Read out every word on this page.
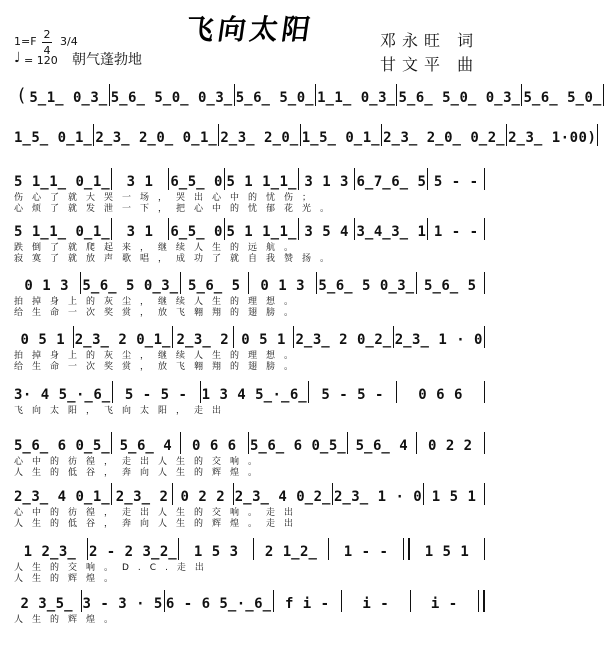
1=F
2
4
3/4
♩ = 120
飞向太阳
朝气蓬勃地
邓永旺 词
甘文平 曲
( 5̲1̲ 0̲3̲ 5̲6̲ 5̲0̲ 0̲3̲ 5̲6̲ 5̲0̲ 1̲1̲ 0̲3̲ 5̲6̲ 5̲0̲ 0̲3̲ 5̲6̲ 5̲0̲
1̲5̲ 0̲1̲ 2̲3̲ 2̲0̲ 0̲1̲ 2̲3̲ 2̲0̲ 1̲5̲ 0̲1̲ 2̲3̲ 2̲0̲ 0̲2̲ 2̲3̲ 1·0 0)
5 1̲1̲ 0̲1̲	3 1	6̲5̲ 0 5 1 1̲1̲ 3 1 3 6̲7̲6̲ 5 5 - -
伤心了就大哭一场，哭出心中的忧伤；
心烦了就发泄一下，把心中的忧郁花光。
5 1̲1̲ 0̲1̲	3 1	6̲5̲ 0 5 1 1̲1̲ 3 5 4 3̲4̲3̲ 1 1 - -
跌倒了就爬起来，继续人生的远航。
寂寞了就放声歌唱，成功了就自我赞扬。
0 1 3 5̲6̲ 5 0̲3̲ 5̲6̲ 5	0 1 3 5̲6̲ 5 0̲3̲ 5̲6̲ 5
拍掉身上的灰尘，继续人生的理想。
给生命一次奖赏，放飞翱翔的翅膀。
0 5 1 2̲3̲ 2 0̲1̲ 2̲3̲ 2 0 5 1 2̲3̲ 2 0̲2̲ 2̲3̲ 1 · 0
拍掉身上的灰尘，继续人生的理想。
给生命一次奖赏，放飞翱翔的翅膀。
3· 4 5̲·̲6̲	5 - 5 -	1 3 4 5̲·̲6̲	5 - 5 -	0 6 6
飞向太阳，飞向太阳，走出
5̲6̲ 6 0̲5̲ 5̲6̲ 4	0 6 6 5̲6̲ 6 0̲5̲ 5̲6̲ 4	0 2 2
心中的彷徨，走出人生的交响。
人生的低谷，奔向人生的辉煌。
2̲3̲ 4 0̲1̲ 2̲3̲ 2 0 2 2 2̲3̲ 4 0̲2̲ 2̲3̲ 1 · 0 1 5 1
心中的彷徨，走出人生的交响。走出
人生的低谷，奔向人生的辉煌。走出
1 2̲3̲ 2 - 2 3̲2̲	1 5 3	2 1̲2̲	1 - -	1 5 1
人生的交响。D.C.走出
人生的辉煌。
2 3̲5̲ 3 - 3 · 5 6 - 6 5̲·̲6̲ f i -	i -	i -
人生的辉煌。
